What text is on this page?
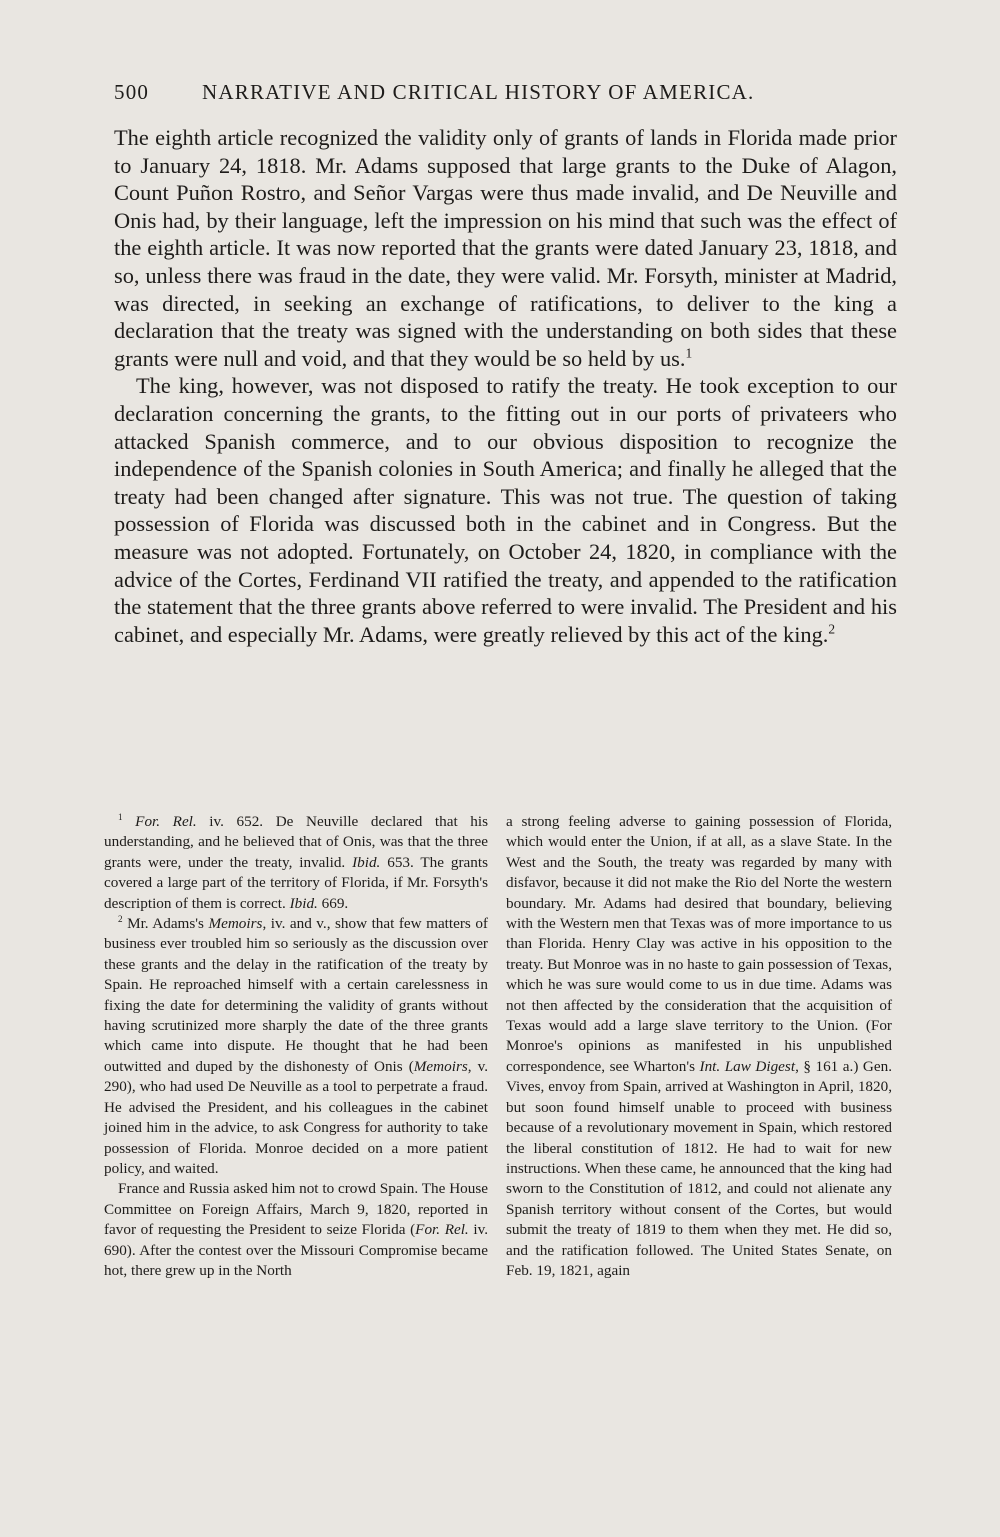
500	NARRATIVE AND CRITICAL HISTORY OF AMERICA.

The eighth article recognized the validity only of grants of lands in Florida made prior to January 24, 1818. Mr. Adams supposed that large grants to the Duke of Alagon, Count Puñon Rostro, and Señor Vargas were thus made invalid, and De Neuville and Onis had, by their language, left the impression on his mind that such was the effect of the eighth article. It was now reported that the grants were dated January 23, 1818, and so, unless there was fraud in the date, they were valid. Mr. Forsyth, minister at Madrid, was directed, in seeking an exchange of ratifications, to deliver to the king a declaration that the treaty was signed with the understanding on both sides that these grants were null and void, and that they would be so held by us.$^1$

The king, however, was not disposed to ratify the treaty. He took exception to our declaration concerning the grants, to the fitting out in our ports of privateers who attacked Spanish commerce, and to our obvious disposition to recognize the independence of the Spanish colonies in South America; and finally he alleged that the treaty had been changed after signature. This was not true. The question of taking possession of Florida was discussed both in the cabinet and in Congress. But the measure was not adopted. Fortunately, on October 24, 1820, in compliance with the advice of the Cortes, Ferdinand VII ratified the treaty, and appended to the ratification the statement that the three grants above referred to were invalid. The President and his cabinet, and especially Mr. Adams, were greatly relieved by this act of the king.$^2$

$^1$ For. Rel. iv. 652. De Neuville declared that his understanding, and he believed that of Onis, was that the three grants were, under the treaty, invalid. Ibid. 653. The grants covered a large part of the territory of Florida, if Mr. Forsyth's description of them is correct. Ibid. 669.

$^2$ Mr. Adams's Memoirs, iv. and v., show that few matters of business ever troubled him so seriously as the discussion over these grants and the delay in the ratification of the treaty by Spain. He reproached himself with a certain carelessness in fixing the date for determining the validity of grants without having scrutinized more sharply the date of the three grants which came into dispute. He thought that he had been outwitted and duped by the dishonesty of Onis (Memoirs, v. 290), who had used De Neuville as a tool to perpetrate a fraud. He advised the President, and his colleagues in the cabinet joined him in the advice, to ask Congress for authority to take possession of Florida. Monroe decided on a more patient policy, and waited.

France and Russia asked him not to crowd Spain. The House Committee on Foreign Affairs, March 9, 1820, reported in favor of requesting the President to seize Florida (For. Rel. iv. 690). After the contest over the Missouri Compromise became hot, there grew up in the North

a strong feeling adverse to gaining possession of Florida, which would enter the Union, if at all, as a slave State. In the West and the South, the treaty was regarded by many with disfavor, because it did not make the Rio del Norte the western boundary. Mr. Adams had desired that boundary, believing with the Western men that Texas was of more importance to us than Florida. Henry Clay was active in his opposition to the treaty. But Monroe was in no haste to gain possession of Texas, which he was sure would come to us in due time. Adams was not then affected by the consideration that the acquisition of Texas would add a large slave territory to the Union. (For Monroe's opinions as manifested in his unpublished correspondence, see Wharton's Int. Law Digest, § 161 a.) Gen. Vives, envoy from Spain, arrived at Washington in April, 1820, but soon found himself unable to proceed with business because of a revolutionary movement in Spain, which restored the liberal constitution of 1812. He had to wait for new instructions. When these came, he announced that the king had sworn to the Constitution of 1812, and could not alienate any Spanish territory without consent of the Cortes, but would submit the treaty of 1819 to them when they met. He did so, and the ratification followed. The United States Senate, on Feb. 19, 1821, again
